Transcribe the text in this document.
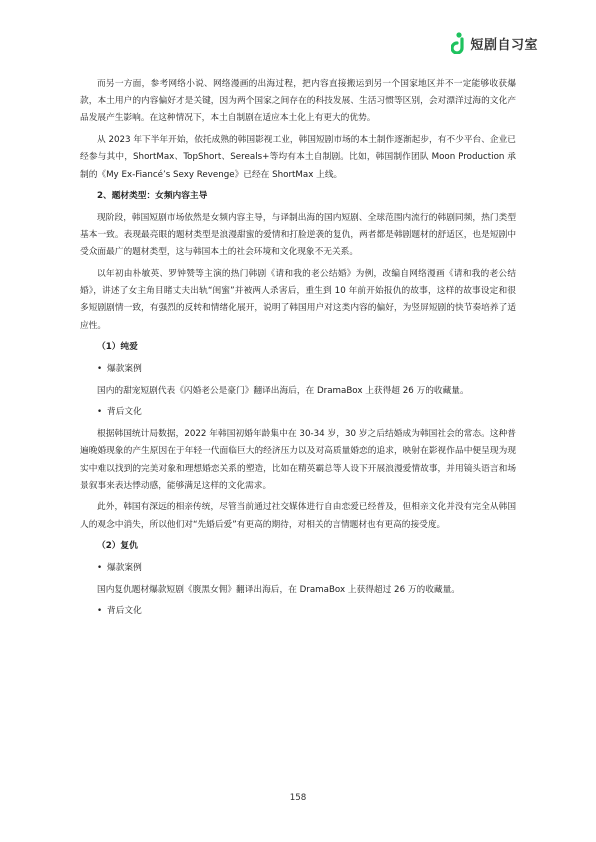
短剧自习室

而另一方面，参考网络小说、网络漫画的出海过程，把内容直接搬运到另一个国家地区并不一定能够收获爆款，本土用户的内容偏好才是关键，因为两个国家之间存在的科技发展、生活习惯等区别，会对漂洋过海的文化产品发展产生影响。在这种情况下，本土自制剧在适应本土化上有更大的优势。

从 2023 年下半年开始，依托成熟的韩国影视工业，韩国短剧市场的本土制作逐渐起步，有不少平台、企业已经参与其中，ShortMax、TopShort、Sereals+等均有本土自制剧。比如，韩国制作团队 Moon Production 承制的《My Ex-Fiancé’s Sexy Revenge》已经在 ShortMax 上线。

2、题材类型：女频内容主导

现阶段，韩国短剧市场依然是女频内容主导，与译制出海的国内短剧、全球范围内流行的韩剧同频，热门类型基本一致。表现最亮眼的题材类型是浪漫甜蜜的爱情和打脸逆袭的复仇，两者都是韩剧题材的舒适区，也是短剧中受众面最广的题材类型，这与韩国本土的社会环境和文化现象不无关系。

以年初由朴敏英、罗钟赞等主演的热门韩剧《请和我的老公结婚》为例，改编自网络漫画《请和我的老公结婚》，讲述了女主角目睹丈夫出轨“闺蜜”并被两人杀害后，重生到 10 年前开始报仇的故事，这样的故事设定和很多短剧剧情一致，有强烈的反转和情绪化展开，说明了韩国用户对这类内容的偏好，为竖屏短剧的快节奏培养了适应性。

（1）纯爱
• 爆款案例

国内的甜宠短剧代表《闪婚老公是豪门》翻译出海后，在 DramaBox 上获得超 26 万的收藏量。

• 背后文化

根据韩国统计局数据，2022 年韩国初婚年龄集中在 30-34 岁，30 岁之后结婚成为韩国社会的常态。这种普遍晚婚现象的产生原因在于年轻一代面临巨大的经济压力以及对高质量婚恋的追求，映射在影视作品中便呈现为现实中难以找到的完美对象和理想婚恋关系的塑造，比如在精英霸总等人设下开展浪漫爱情故事，并用镜头语言和场景叙事来表达悸动感，能够满足这样的文化需求。

此外，韩国有深远的相亲传统，尽管当前通过社交媒体进行自由恋爱已经普及，但相亲文化并没有完全从韩国人的观念中消失，所以他们对“先婚后爱”有更高的期待，对相关的言情题材也有更高的接受度。

（2）复仇
• 爆款案例

国内复仇题材爆款短剧《腹黑女佣》翻译出海后，在 DramaBox 上获得超过 26 万的收藏量。

• 背后文化
158
